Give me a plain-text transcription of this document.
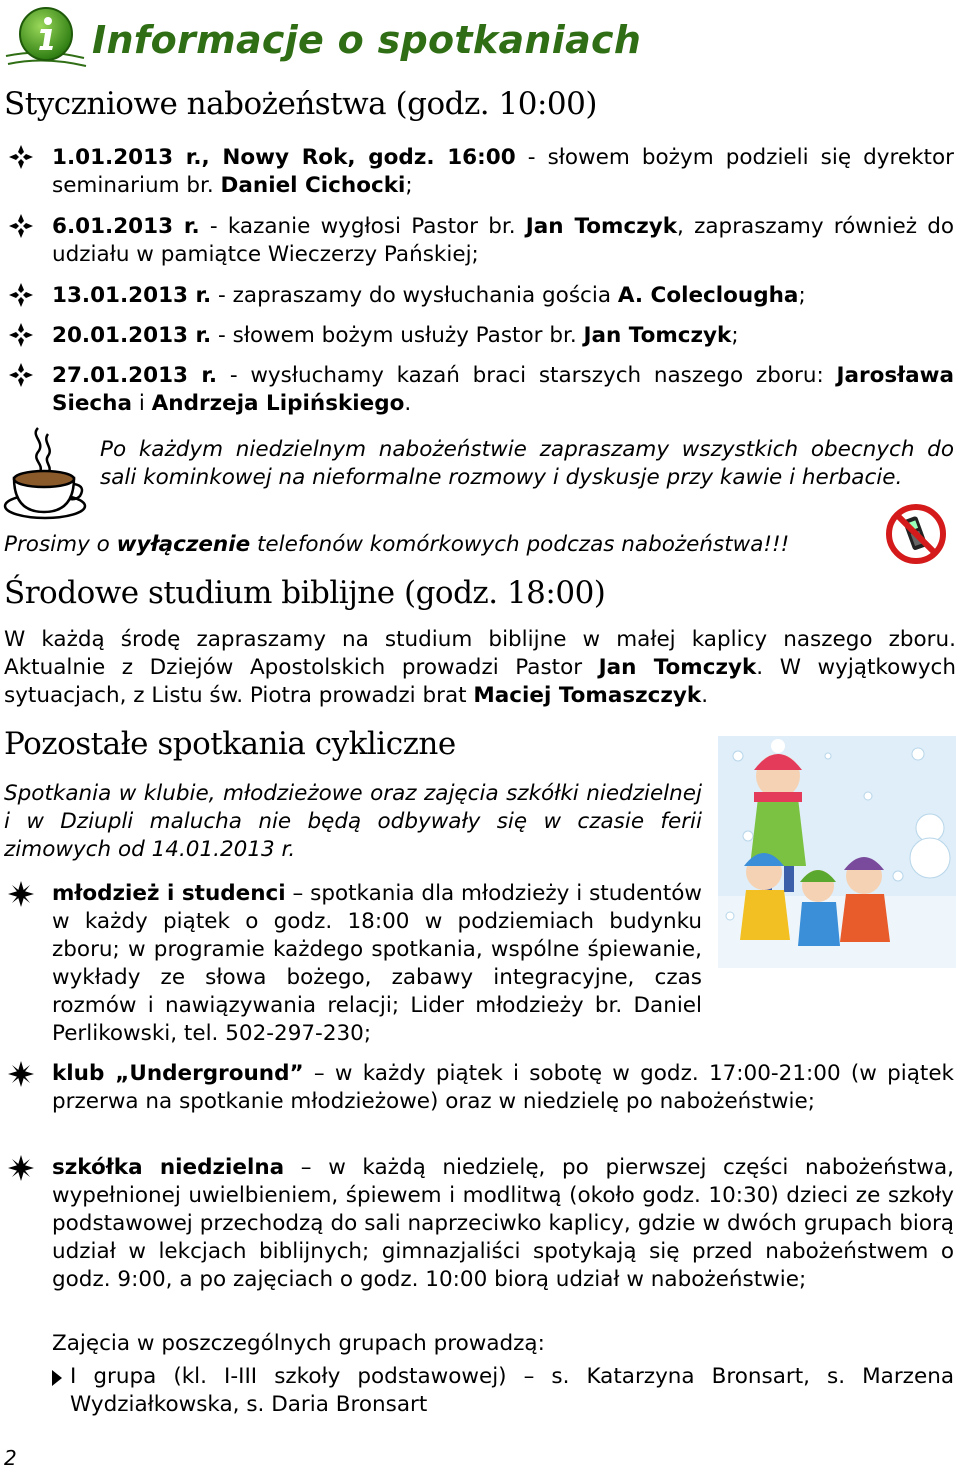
Informacje o spotkaniach
Styczniowe nabożeństwa (godz. 10:00)
1.01.2013 r., Nowy Rok, godz. 16:00 - słowem bożym podzieli się dyrektor seminarium br. Daniel Cichocki;
6.01.2013 r. - kazanie wygłosi Pastor br. Jan Tomczyk, zapraszamy również do udziału w pamiątce Wieczerzy Pańskiej;
13.01.2013 r. - zapraszamy do wysłuchania gościa A. Coleclougha;
20.01.2013 r. - słowem bożym usłuży Pastor br. Jan Tomczyk;
27.01.2013 r. - wysłuchamy kazań braci starszych naszego zboru: Jarosława Siecha i Andrzeja Lipińskiego.
Po każdym niedzielnym nabożeństwie zapraszamy wszystkich obecnych do sali kominkowej na nieformalne rozmowy i dyskusje przy kawie i herbacie.
Prosimy o wyłączenie telefonów komórkowych podczas nabożeństwa!!!
Środowe studium biblijne (godz. 18:00)
W każdą środę zapraszamy na studium biblijne w małej kaplicy naszego zboru. Aktualnie z Dziejów Apostolskich prowadzi Pastor Jan Tomczyk. W wyjątkowych sytuacjach, z Listu św. Piotra prowadzi brat Maciej Tomaszczyk.
Pozostałe spotkania cykliczne
Spotkania w klubie, młodzieżowe oraz zajęcia szkółki niedzielnej i w Dziupli malucha nie będą odbywały się w czasie ferii zimowych od 14.01.2013 r.
młodzież i studenci – spotkania dla młodzieży i studentów w każdy piątek o godz. 18:00 w podziemiach budynku zboru; w programie każdego spotkania, wspólne śpiewanie, wykłady ze słowa bożego, zabawy integracyjne, czas rozmów i nawiązywania relacji; Lider młodzieży br. Daniel Perlikowski, tel. 502-297-230;
klub „Underground” – w każdy piątek i sobotę w godz. 17:00-21:00 (w piątek przerwa na spotkanie młodzieżowe) oraz w niedzielę po nabożeństwie;
szkółka niedzielna – w każdą niedzielę, po pierwszej części nabożeństwa, wypełnionej uwielbieniem, śpiewem i modlitwą (około godz. 10:30) dzieci ze szkoły podstawowej przechodzą do sali naprzeciwko kaplicy, gdzie w dwóch grupach biorą udział w lekcjach biblijnych; gimnazjaliści spotykają się przed nabożeństwem o godz. 9:00, a po zajęciach o godz. 10:00 biorą udział w nabożeństwie;
Zajęcia w poszczególnych grupach prowadzą:
I grupa (kl. I-III szkoły podstawowej) – s. Katarzyna Bronsart, s. Marzena Wydziałkowska, s. Daria Bronsart
2
